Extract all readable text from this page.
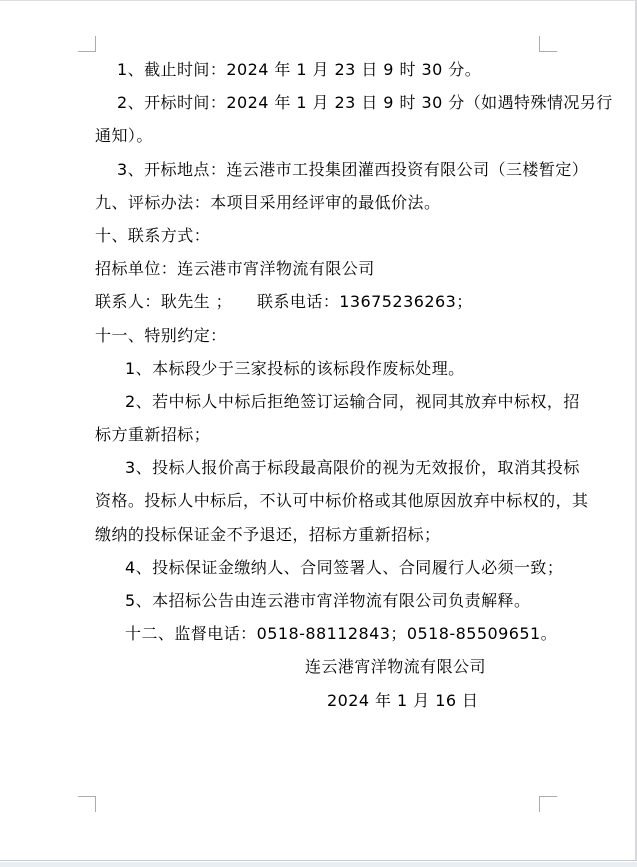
1、截止时间：2024 年 1 月 23 日 9 时 30 分。
2、开标时间：2024 年 1 月 23 日 9 时 30 分（如遇特殊情况另行
通知）。
3、开标地点：连云港市工投集团灌西投资有限公司（三楼暂定）
九、评标办法：本项目采用经评审的最低价法。
十、联系方式：
招标单位：连云港市宵洋物流有限公司
联系人：耿先生 ；　　联系电话：13675236263；
十一、特别约定：
1、本标段少于三家投标的该标段作废标处理。
2、若中标人中标后拒绝签订运输合同，视同其放弃中标权，招
标方重新招标；
3、投标人报价高于标段最高限价的视为无效报价，取消其投标
资格。投标人中标后，不认可中标价格或其他原因放弃中标权的，其
缴纳的投标保证金不予退还，招标方重新招标；
4、投标保证金缴纳人、合同签署人、合同履行人必须一致；
5、本招标公告由连云港市宵洋物流有限公司负责解释。
十二、监督电话：0518-88112843；0518-85509651。
连云港宵洋物流有限公司
2024 年 1 月 16 日
